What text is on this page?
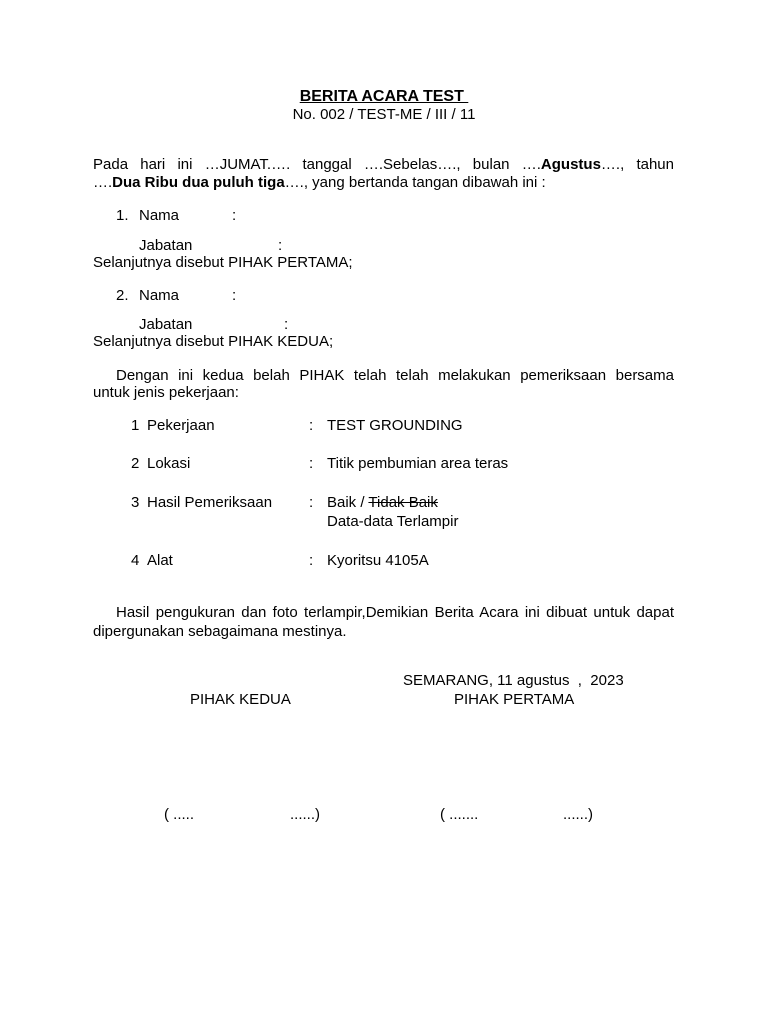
BERITA ACARA TEST
No. 002 / TEST-ME / III / 11
Pada hari ini …JUMAT.…. tanggal ….Sebelas…., bulan ….Agustus…., tahun
….Dua Ribu dua puluh tiga…., yang bertanda tangan dibawah ini :
1. Nama	:
Jabatan	:
Selanjutnya disebut PIHAK PERTAMA;
2. Nama	:
Jabatan	:
Selanjutnya disebut PIHAK KEDUA;
Dengan ini kedua belah PIHAK telah telah melakukan pemeriksaan bersama
untuk jenis pekerjaan:
1 Pekerjaan	: TEST GROUNDING
2 Lokasi	: Titik pembumian area teras
3 Hasil Pemeriksaan : Baik / Tidak Baik
Data-data Terlampir
4 Alat	: Kyoritsu 4105A
Hasil pengukuran dan foto terlampir,Demikian Berita Acara ini dibuat untuk dapat
dipergunakan sebagaimana mestinya.
SEMARANG, 11 agustus  ,  2023
PIHAK KEDUA	PIHAK PERTAMA
( .....	......)	( .......	......)
